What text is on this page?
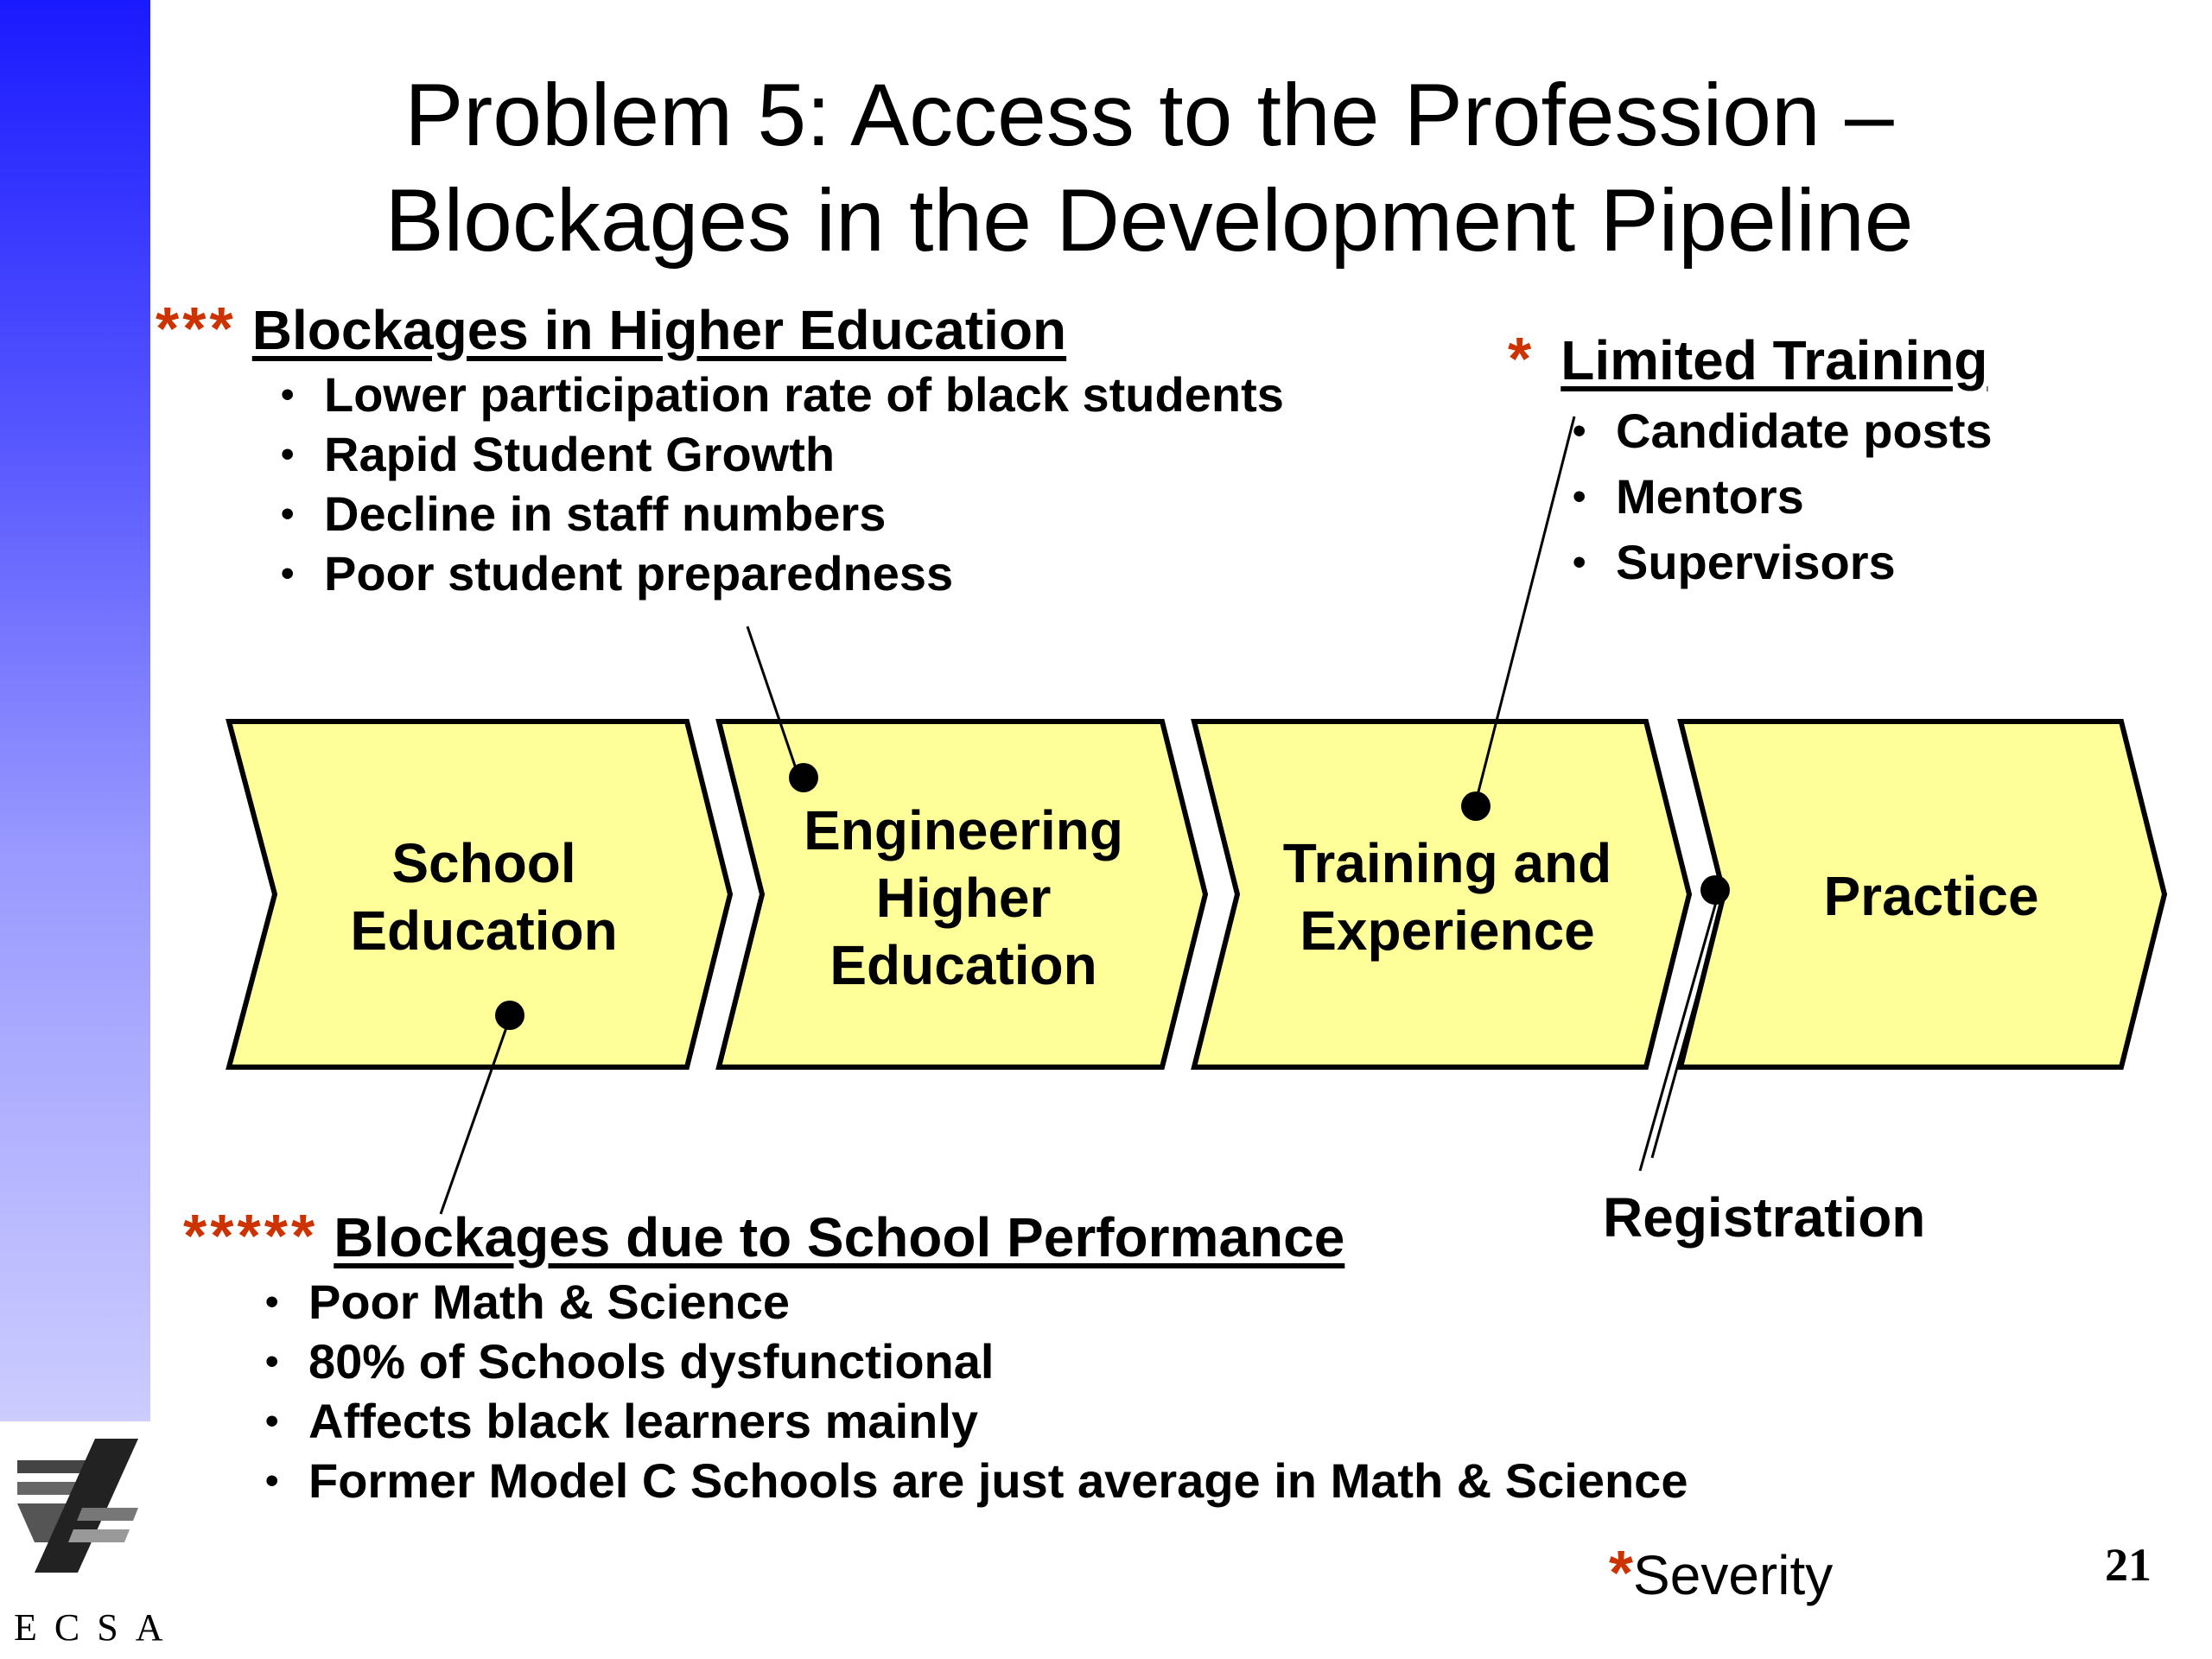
ECSA
Problem 5: Access to the Profession –
Blockages in the Development Pipeline
School
Education
Engineering
Higher
Education
Training and
Experience
Practice
*** Blockages in Higher Education
• Lower participation rate of black students
• Rapid Student Growth
• Decline in staff numbers
• Poor student preparedness
* Limited Training
• Candidate posts
• Mentors
• Supervisors
***** Blockages due to School Performance
• Poor Math & Science
• 80% of Schools dysfunctional
• Affects black learners mainly
• Former Model C Schools are just average in Math & Science
Registration
*Severity	21
